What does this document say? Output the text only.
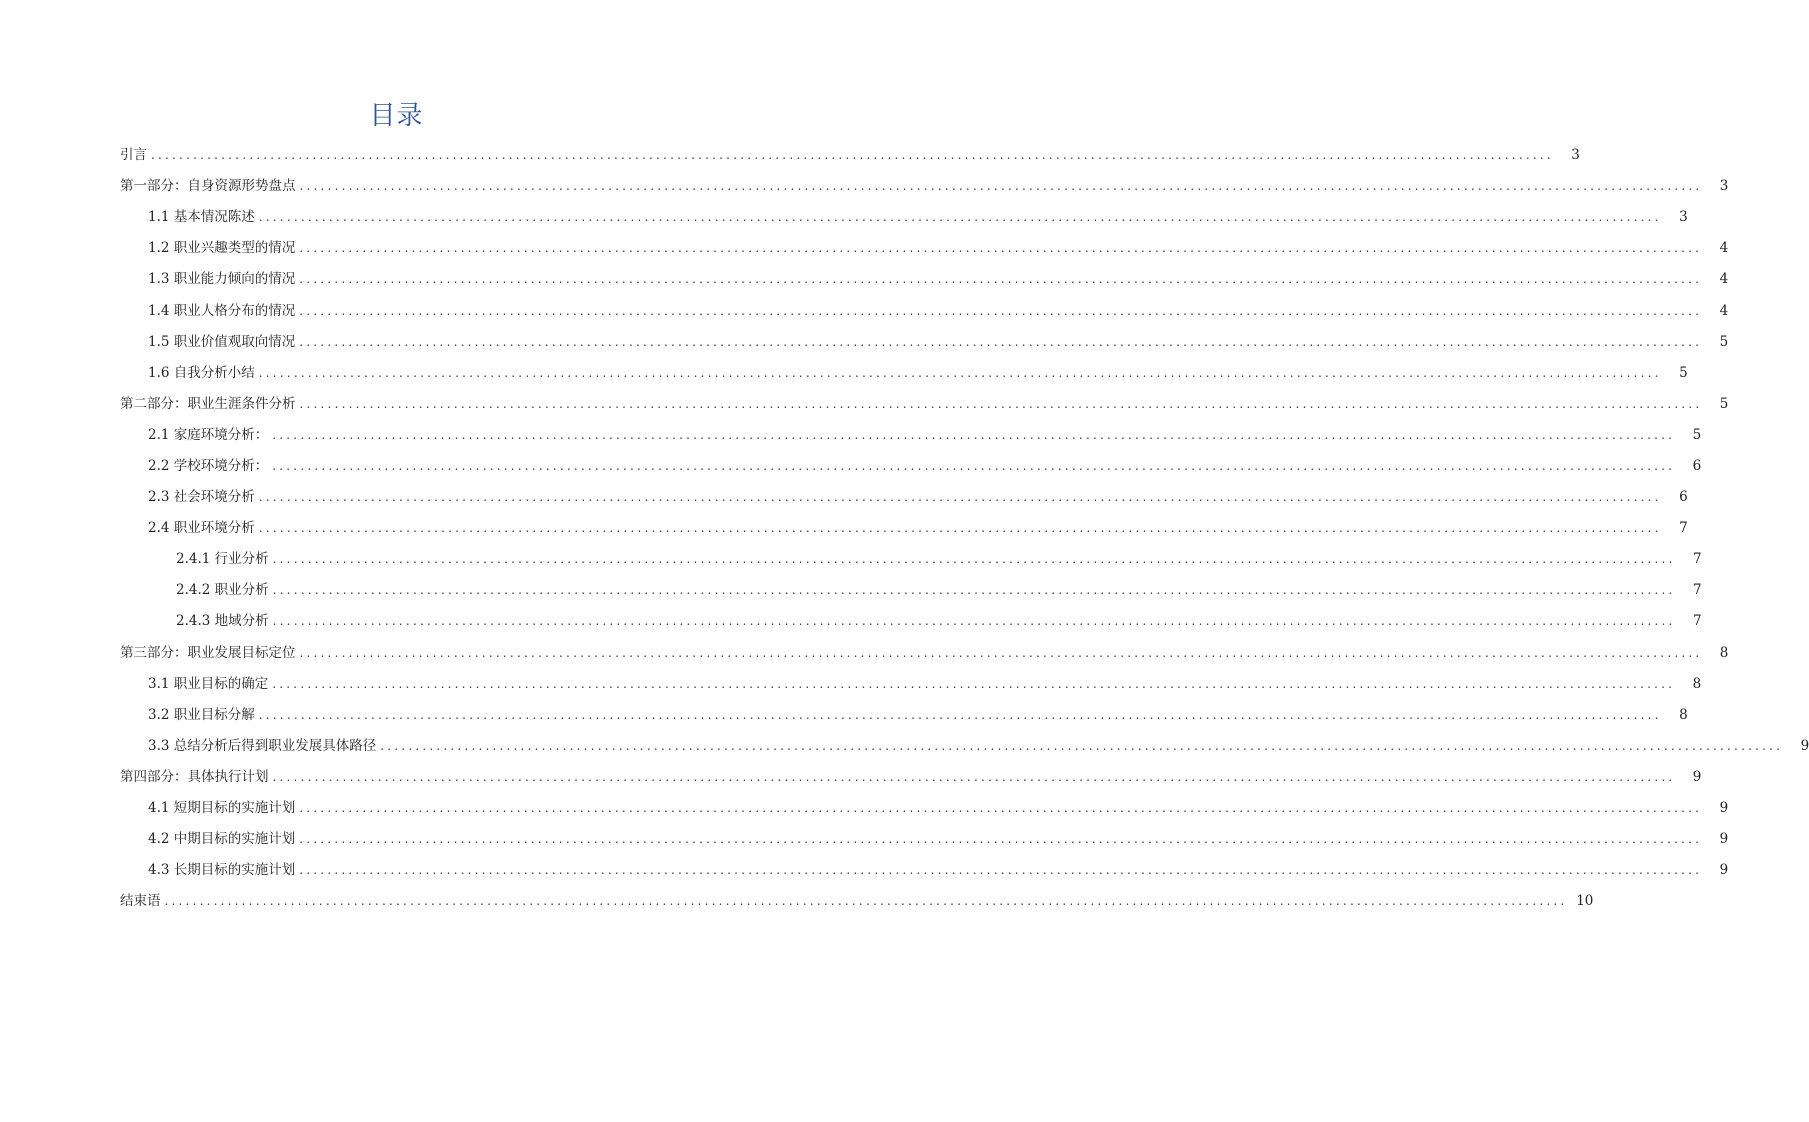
目录
引言 ........................................................................................................................................................................................................	3
第一部分：自身资源形势盘点 ........................................................................................................................................................................................................	3
1.1 基本情况陈述 ........................................................................................................................................................................................................	3
1.2 职业兴趣类型的情况 ........................................................................................................................................................................................................	4
1.3 职业能力倾向的情况 ........................................................................................................................................................................................................	4
1.4 职业人格分布的情况 ........................................................................................................................................................................................................	4
1.5 职业价值观取向情况 ........................................................................................................................................................................................................	5
1.6 自我分析小结 ........................................................................................................................................................................................................	5
第二部分：职业生涯条件分析 ........................................................................................................................................................................................................	5
2.1 家庭环境分析： ........................................................................................................................................................................................................	5
2.2 学校环境分析： ........................................................................................................................................................................................................	6
2.3 社会环境分析 ........................................................................................................................................................................................................	6
2.4 职业环境分析 ........................................................................................................................................................................................................	7
2.4.1 行业分析 ........................................................................................................................................................................................................	7
2.4.2 职业分析 ........................................................................................................................................................................................................	7
2.4.3 地域分析 ........................................................................................................................................................................................................	7
第三部分：职业发展目标定位 ........................................................................................................................................................................................................	8
3.1 职业目标的确定 ........................................................................................................................................................................................................	8
3.2 职业目标分解 ........................................................................................................................................................................................................	8
3.3 总结分析后得到职业发展具体路径 ........................................................................................................................................................................................................	9
第四部分：具体执行计划 ........................................................................................................................................................................................................	9
4.1 短期目标的实施计划 ........................................................................................................................................................................................................	9
4.2 中期目标的实施计划 ........................................................................................................................................................................................................	9
4.3 长期目标的实施计划 ........................................................................................................................................................................................................	9
结束语 ........................................................................................................................................................................................................ 10
